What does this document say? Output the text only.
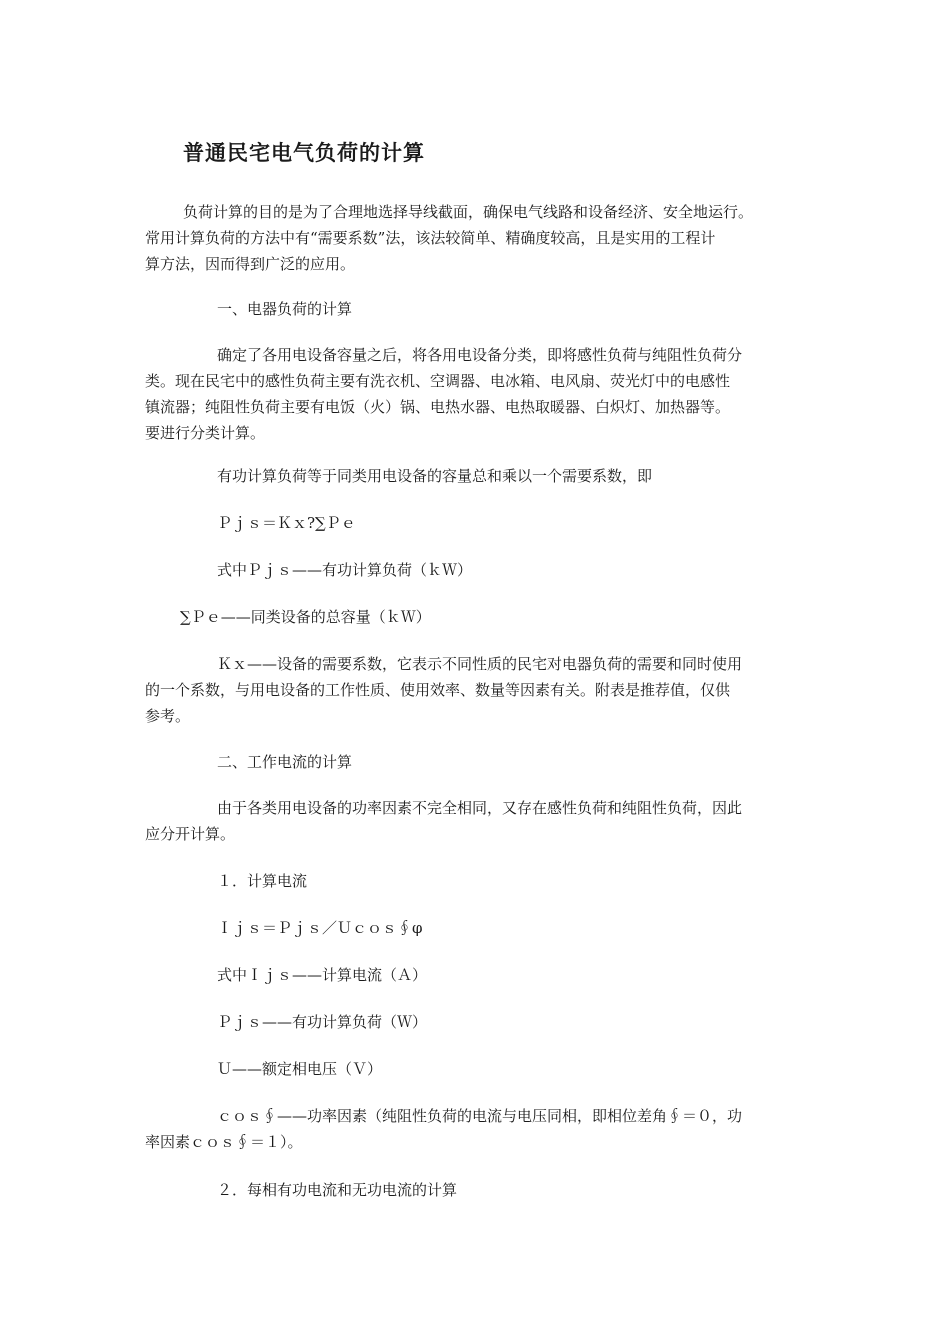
普通民宅电气负荷的计算

负荷计算的目的是为了合理地选择导线截面，确保电气线路和设备经济、安全地运行。
常用计算负荷的方法中有“需要系数”法，该法较简单、精确度较高，且是实用的工程计
算方法，因而得到广泛的应用。

一、电器负荷的计算

确定了各用电设备容量之后，将各用电设备分类，即将感性负荷与纯阻性负荷分
类。现在民宅中的感性负荷主要有洗衣机、空调器、电冰箱、电风扇、荧光灯中的电感性
镇流器；纯阻性负荷主要有电饭（火）锅、电热水器、电热取暖器、白炽灯、加热器等。
要进行分类计算。

有功计算负荷等于同类用电设备的容量总和乘以一个需要系数，即

Ｐｊｓ＝Ｋｘ?∑Ｐｅ

式中Ｐｊｓ——有功计算负荷（ｋＷ）

∑Ｐｅ——同类设备的总容量（ｋＷ）

Ｋｘ——设备的需要系数，它表示不同性质的民宅对电器负荷的需要和同时使用
的一个系数，与用电设备的工作性质、使用效率、数量等因素有关。附表是推荐值，仅供
参考。

二、工作电流的计算

由于各类用电设备的功率因素不完全相同，又存在感性负荷和纯阻性负荷，因此
应分开计算。

１．计算电流

Ｉｊｓ＝Ｐｊｓ／Ｕｃｏｓ∮φ

式中Ｉｊｓ——计算电流（Ａ）

Ｐｊｓ——有功计算负荷（Ｗ）

Ｕ——额定相电压（Ｖ）

ｃｏｓ∮——功率因素（纯阻性负荷的电流与电压同相，即相位差角∮＝０，功
率因素ｃｏｓ∮＝１）。

２．每相有功电流和无功电流的计算
